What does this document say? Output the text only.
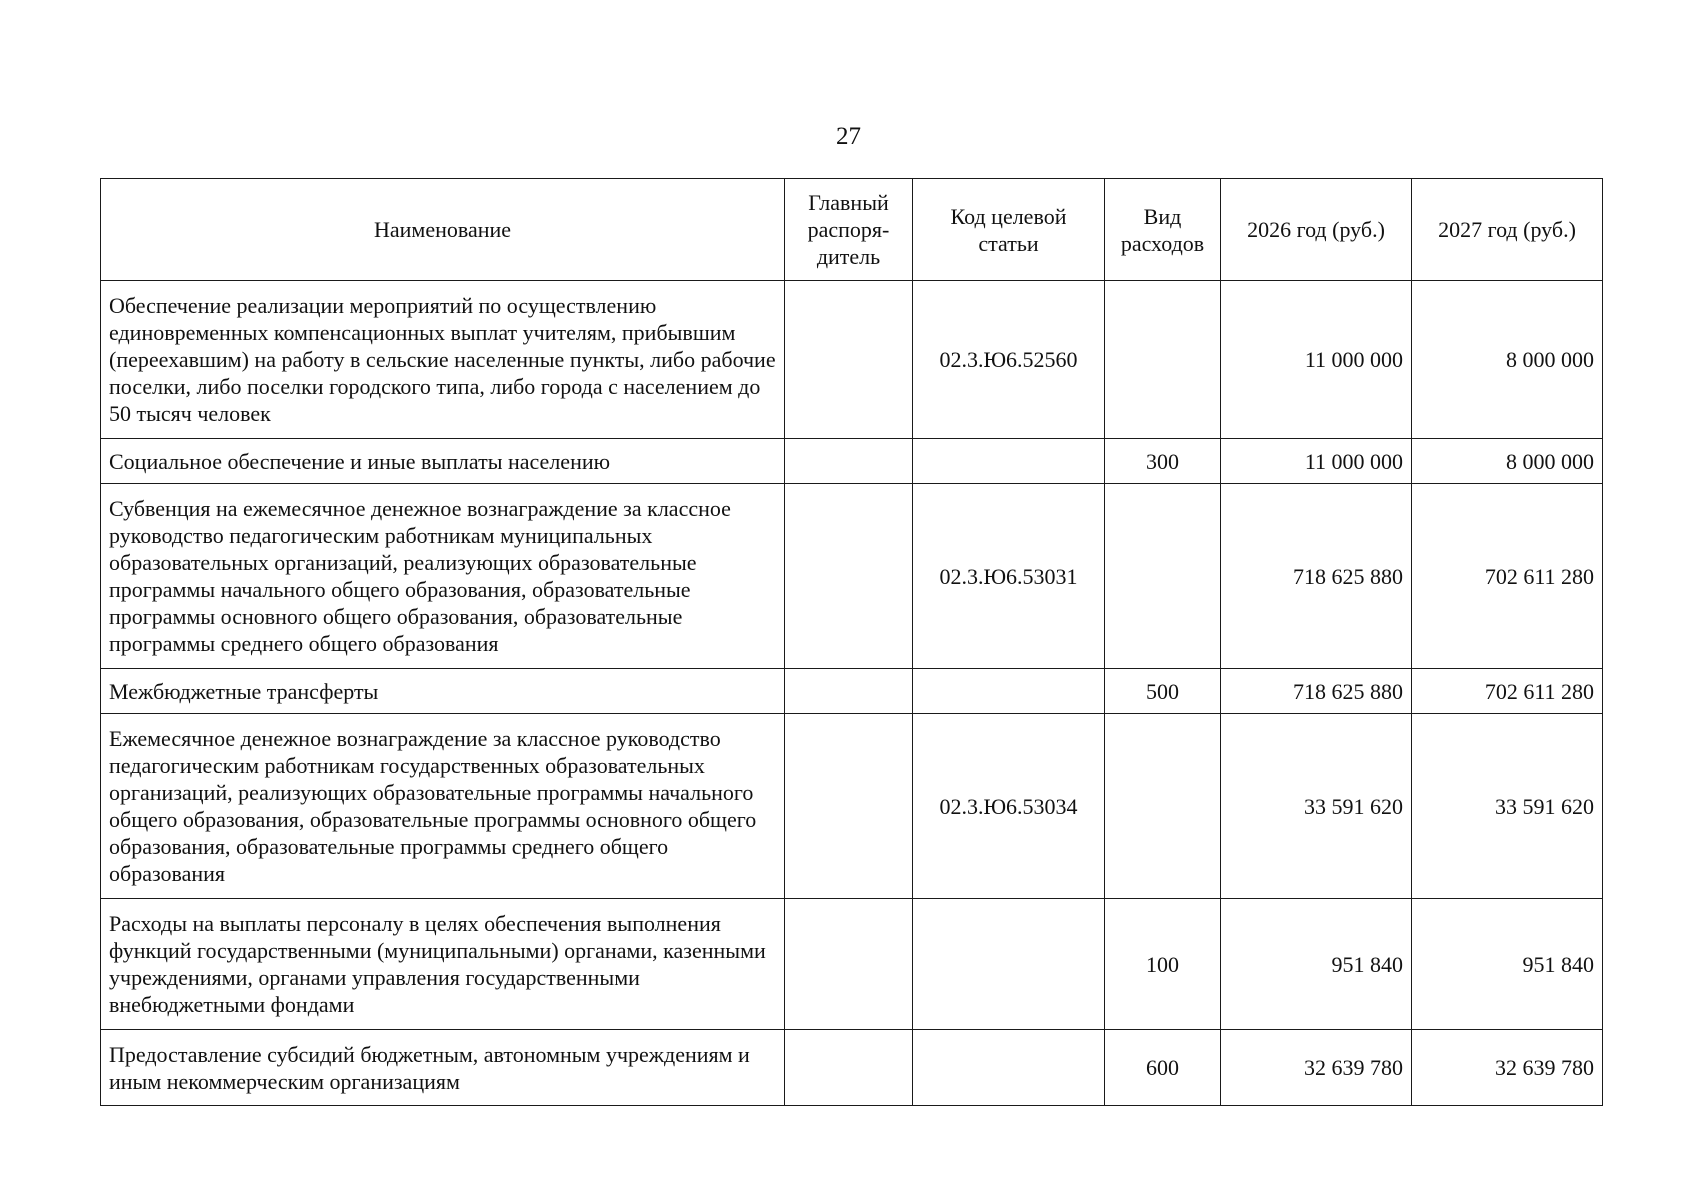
27
Наименование	Главный распоря-дитель	Код целевой статьи	Вид расходов	2026 год (руб.)	2027 год (руб.)
Обеспечение реализации мероприятий по осуществлению единовременных компенсационных выплат учителям, прибывшим (переехавшим) на работу в сельские населенные пункты, либо рабочие поселки, либо поселки городского типа, либо города с населением до 50 тысяч человек		02.3.Ю6.52560		11 000 000	8 000 000
Социальное обеспечение и иные выплаты населению			300	11 000 000	8 000 000
Субвенция на ежемесячное денежное вознаграждение за классное руководство педагогическим работникам муниципальных образовательных организаций, реализующих образовательные программы начального общего образования, образовательные программы основного общего образования, образовательные программы среднего общего образования		02.3.Ю6.53031		718 625 880	702 611 280
Межбюджетные трансферты			500	718 625 880	702 611 280
Ежемесячное денежное вознаграждение за классное руководство педагогическим работникам государственных образовательных организаций, реализующих образовательные программы начального общего образования, образовательные программы основного общего образования, образовательные программы среднего общего образования		02.3.Ю6.53034		33 591 620	33 591 620
Расходы на выплаты персоналу в целях обеспечения выполнения функций государственными (муниципальными) органами, казенными учреждениями, органами управления государственными внебюджетными фондами			100	951 840	951 840
Предоставление субсидий бюджетным, автономным учреждениям и иным некоммерческим организациям			600	32 639 780	32 639 780
